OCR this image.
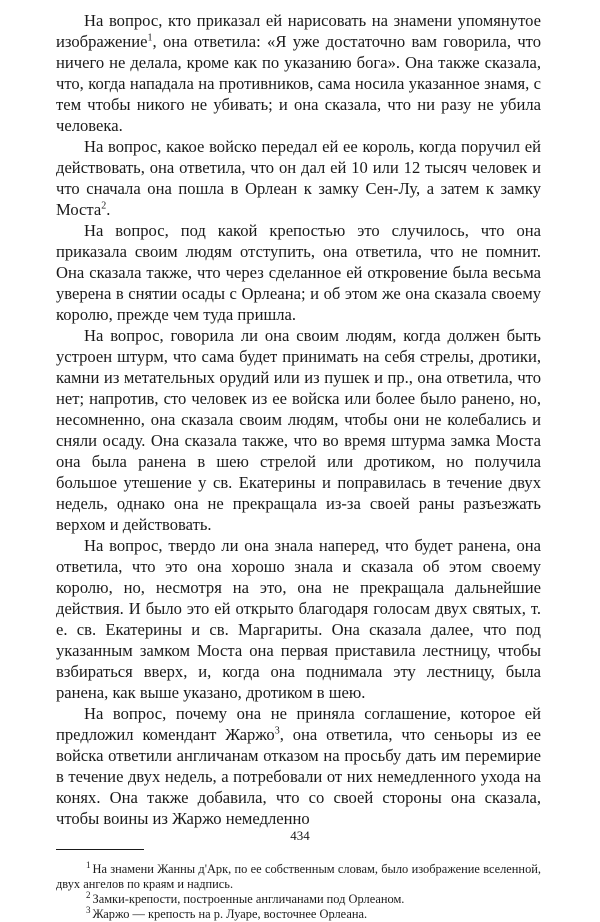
На вопрос, кто приказал ей нарисовать на знамени упомянутое изображение$^1$, она ответила: «Я уже достаточно вам говорила, что ничего не делала, кроме как по указанию бога». Она также сказала, что, когда нападала на противников, сама носила указанное знамя, с тем чтобы никого не убивать; и она сказала, что ни разу не убила человека.

На вопрос, какое войско передал ей ее король, когда поручил ей действовать, она ответила, что он дал ей 10 или 12 тысяч человек и что сначала она пошла в Орлеан к замку Сен-Лу, а затем к замку Моста$^2$.

На вопрос, под какой крепостью это случилось, что она приказала своим людям отступить, она ответила, что не помнит. Она сказала также, что через сделанное ей откровение была весьма уверена в снятии осады с Орлеана; и об этом же она сказала своему королю, прежде чем туда пришла.

На вопрос, говорила ли она своим людям, когда должен быть устроен штурм, что сама будет принимать на себя стрелы, дротики, камни из метательных орудий или из пушек и пр., она ответила, что нет; напротив, сто человек из ее войска или более было ранено, но, несомненно, она сказала своим людям, чтобы они не колебались и сняли осаду. Она сказала также, что во время штурма замка Моста она была ранена в шею стрелой или дротиком, но получила большое утешение у св. Екатерины и поправилась в течение двух недель, однако она не прекращала из-за своей раны разъезжать верхом и действовать.

На вопрос, твердо ли она знала наперед, что будет ранена, она ответила, что это она хорошо знала и сказала об этом своему королю, но, несмотря на это, она не прекращала дальнейшие действия. И было это ей открыто благодаря голосам двух святых, т. е. св. Екатерины и св. Маргариты. Она сказала далее, что под указанным замком Моста она первая приставила лестницу, чтобы взбираться вверх, и, когда она поднимала эту лестницу, была ранена, как выше указано, дротиком в шею.

На вопрос, почему она не приняла соглашение, которое ей предложил комендант Жаржо$^3$, она ответила, что сеньоры из ее войска ответили англичанам отказом на просьбу дать им перемирие в течение двух недель, а потребовали от них немедленного ухода на конях. Она также добавила, что со своей стороны она сказала, чтобы воины из Жаржо немедленно

$^1$ На знамени Жанны д'Арк, по ее собственным словам, было изображение вселенной, двух ангелов по краям и надпись.

$^2$ Замки-крепости, построенные англичанами под Орлеаном.

$^3$ Жаржо — крепость на р. Луаре, восточнее Орлеана.

434
